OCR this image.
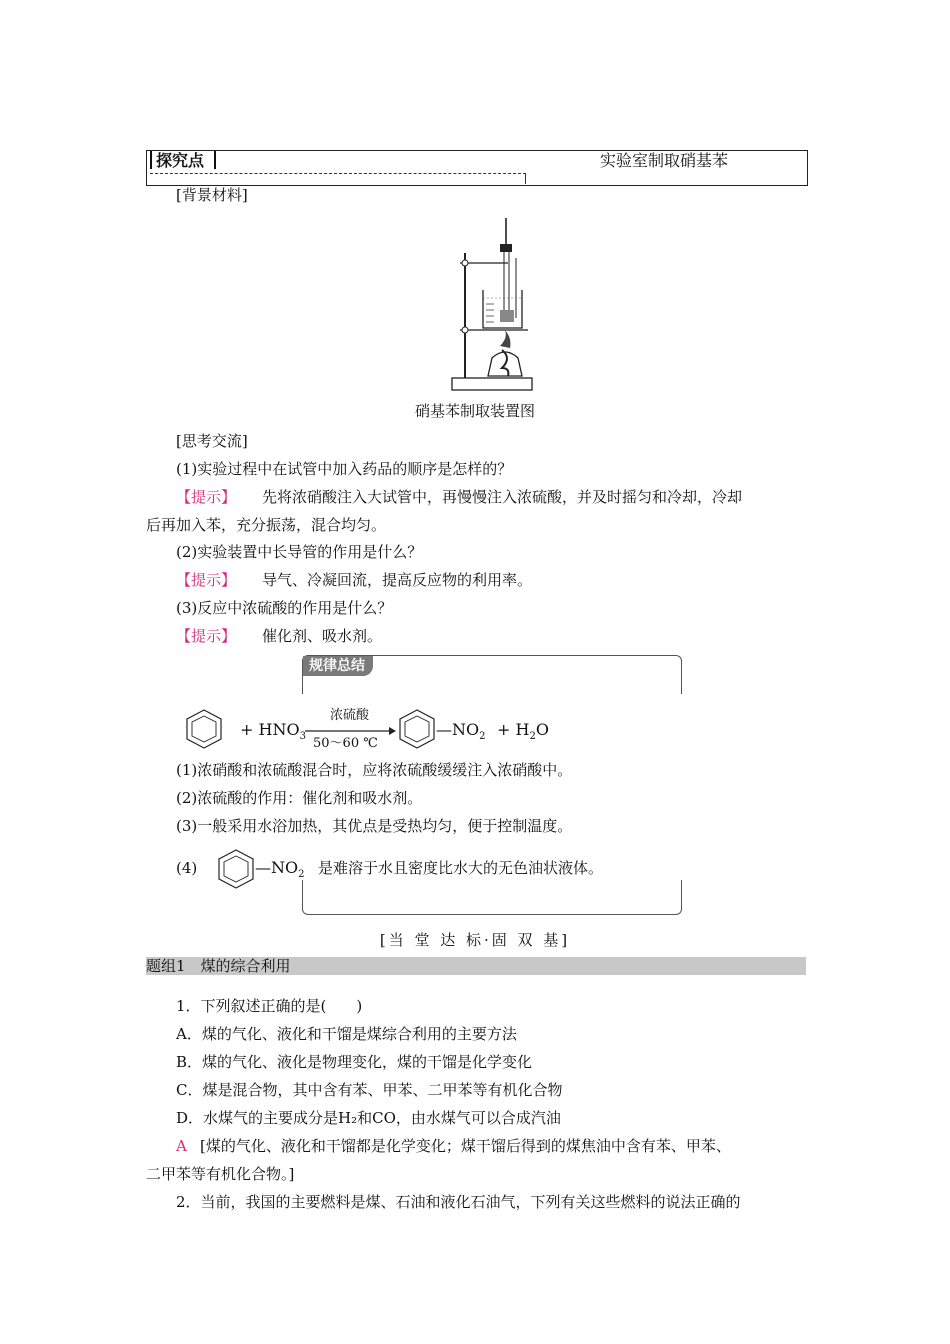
探究点	实验室制取硝基苯
[背景材料]
硝基苯制取装置图
[思考交流]
(1)实验过程中在试管中加入药品的顺序是怎样的？
【提示】 先将浓硝酸注入大试管中，再慢慢注入浓硫酸，并及时摇匀和冷却，冷却
后再加入苯，充分振荡，混合均匀。
(2)实验装置中长导管的作用是什么？
【提示】 导气、冷凝回流，提高反应物的利用率。
(3)反应中浓硫酸的作用是什么？
【提示】 催化剂、吸水剂。
规律总结
+ $HNO_3$
浓硫酸
50～60 ℃
$—NO_2 + H_2O$
(1)浓硝酸和浓硫酸混合时，应将浓硫酸缓缓注入浓硝酸中。
(2)浓硫酸的作用：催化剂和吸水剂。
(3)一般采用水浴加热，其优点是受热均匀，便于控制温度。
(4)	$—NO_2$ 是难溶于水且密度比水大的无色油状液体。
[当 堂 达 标·固 双 基]
题组1　煤的综合利用
1．下列叙述正确的是(　　)
A．煤的气化、液化和干馏是煤综合利用的主要方法
B．煤的气化、液化是物理变化，煤的干馏是化学变化
C．煤是混合物，其中含有苯、甲苯、二甲苯等有机化合物
D．水煤气的主要成分是H₂和CO，由水煤气可以合成汽油
A [煤的气化、液化和干馏都是化学变化；煤干馏后得到的煤焦油中含有苯、甲苯、
二甲苯等有机化合物。]
2．当前，我国的主要燃料是煤、石油和液化石油气，下列有关这些燃料的说法正确的
